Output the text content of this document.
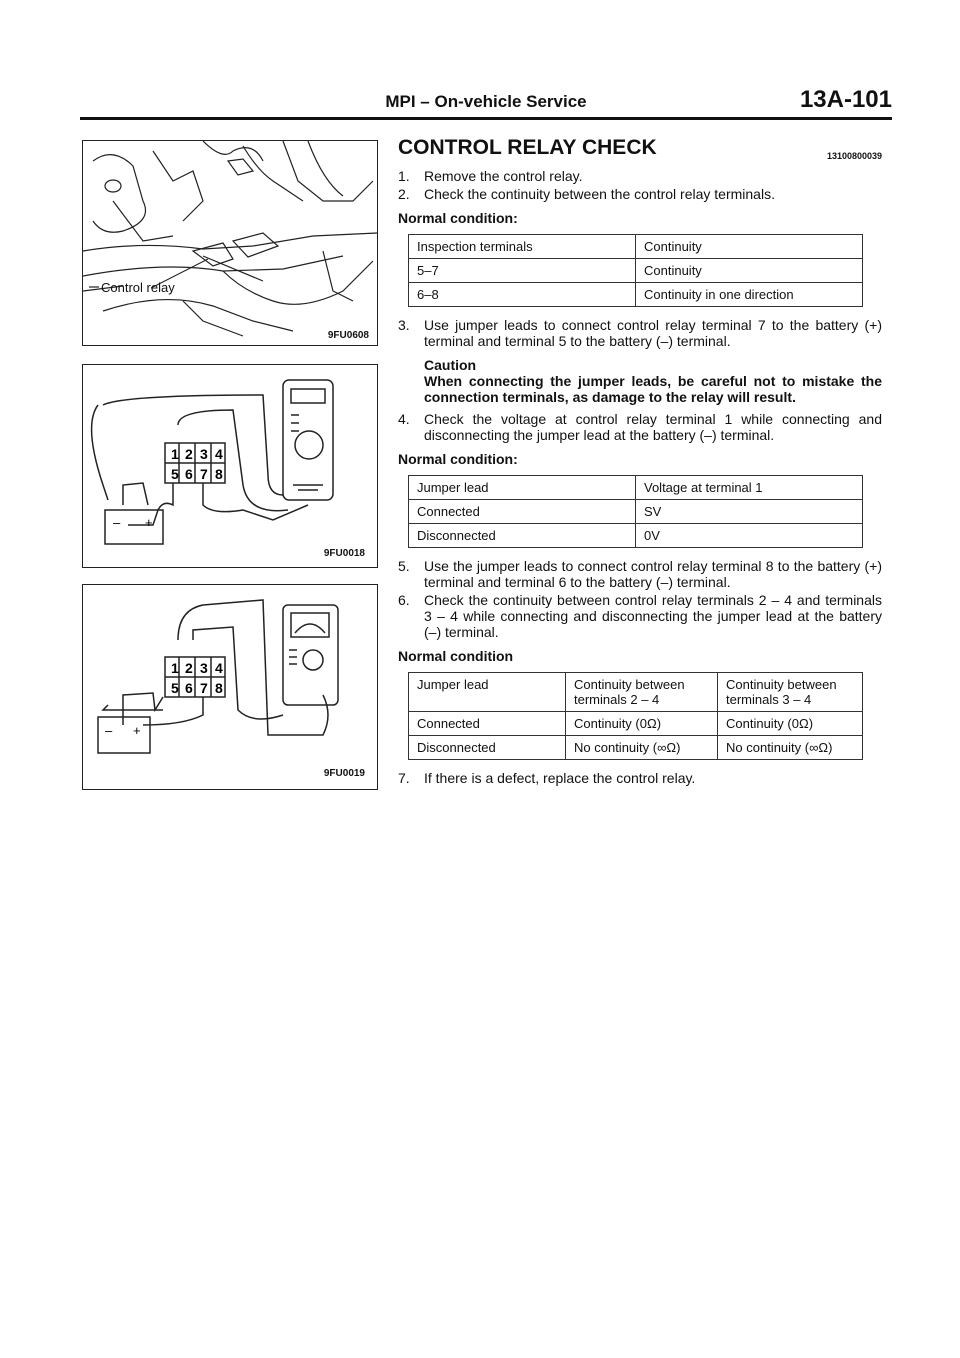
MPI – On-vehicle Service	13A-101
Control relay
9FU0608
1 2 3 4
5 6 7 8
– +
9FU0018
1 2 3 4
5 6 7 8
– +
9FU0019
CONTROL RELAY CHECK	13100800039
1. Remove the control relay.
2. Check the continuity between the control relay terminals.
Normal condition:
Inspection terminals	Continuity
5–7	Continuity
6–8	Continuity in one direction
3. Use jumper leads to connect control relay terminal 7 to the battery (+) terminal and terminal 5 to the battery (–) terminal.
Caution
When connecting the jumper leads, be careful not to mistake the connection terminals, as damage to the relay will result.
4. Check the voltage at control relay terminal 1 while connecting and disconnecting the jumper lead at the battery (–) terminal.
Normal condition:
Jumper lead	Voltage at terminal 1
Connected	SV
Disconnected	0V
5. Use the jumper leads to connect control relay terminal 8 to the battery (+) terminal and terminal 6 to the battery (–) terminal.
6. Check the continuity between control relay terminals 2 – 4 and terminals 3 – 4 while connecting and disconnecting the jumper lead at the battery (–) terminal.
Normal condition
Jumper lead	Continuity between terminals 2 – 4	Continuity between terminals 3 – 4
Connected	Continuity (0Ω)	Continuity (0Ω)
Disconnected	No continuity (∞Ω)	No continuity (∞Ω)
7. If there is a defect, replace the control relay.
